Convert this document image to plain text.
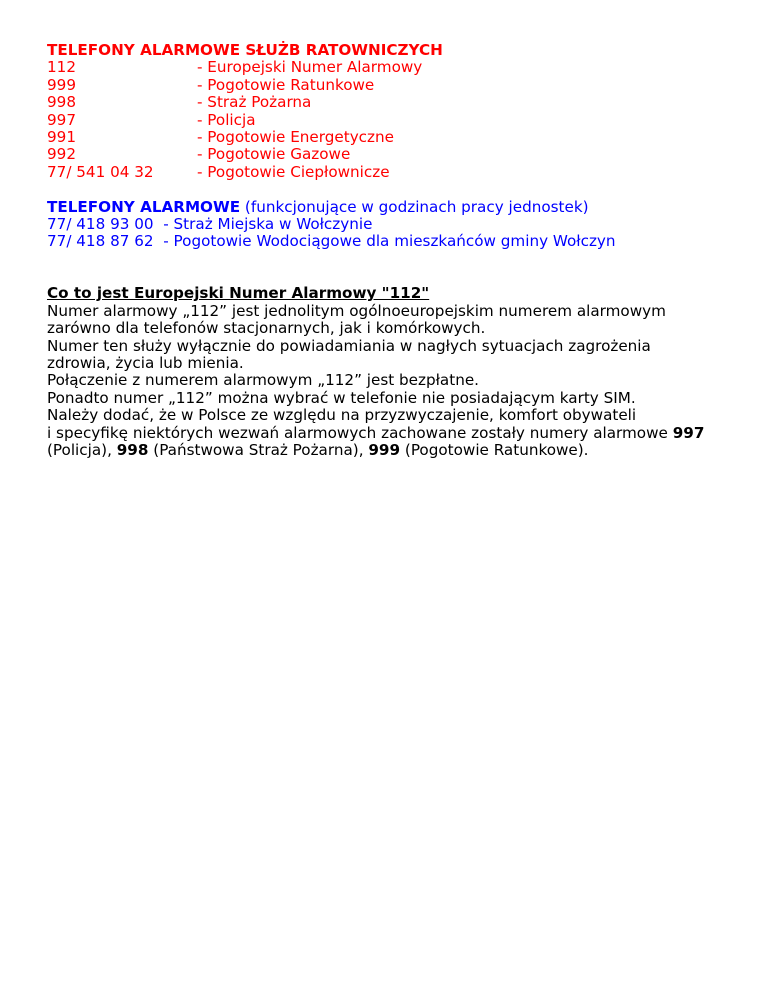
TELEFONY ALARMOWE SŁUŻB RATOWNICZYCH
112	- Europejski Numer Alarmowy
999	- Pogotowie Ratunkowe
998	- Straż Pożarna
997	- Policja
991	- Pogotowie Energetyczne
992	- Pogotowie Gazowe
77/ 541 04 32	- Pogotowie Ciepłownicze
TELEFONY ALARMOWE (funkcjonujące w godzinach pracy jednostek)
77/ 418 93 00 - Straż Miejska w Wołczynie
77/ 418 87 62 - Pogotowie Wodociągowe dla mieszkańców gminy Wołczyn
Co to jest Europejski Numer Alarmowy "112"
Numer alarmowy „112” jest jednolitym ogólnoeuropejskim numerem alarmowym
zarówno dla telefonów stacjonarnych, jak i komórkowych.
Numer ten służy wyłącznie do powiadamiania w nagłych sytuacjach zagrożenia
zdrowia, życia lub mienia.
Połączenie z numerem alarmowym „112” jest bezpłatne.
Ponadto numer „112” można wybrać w telefonie nie posiadającym karty SIM.
Należy dodać, że w Polsce ze względu na przyzwyczajenie, komfort obywateli
i specyfikę niektórych wezwań alarmowych zachowane zostały numery alarmowe 997
(Policja), 998 (Państwowa Straż Pożarna), 999 (Pogotowie Ratunkowe).
